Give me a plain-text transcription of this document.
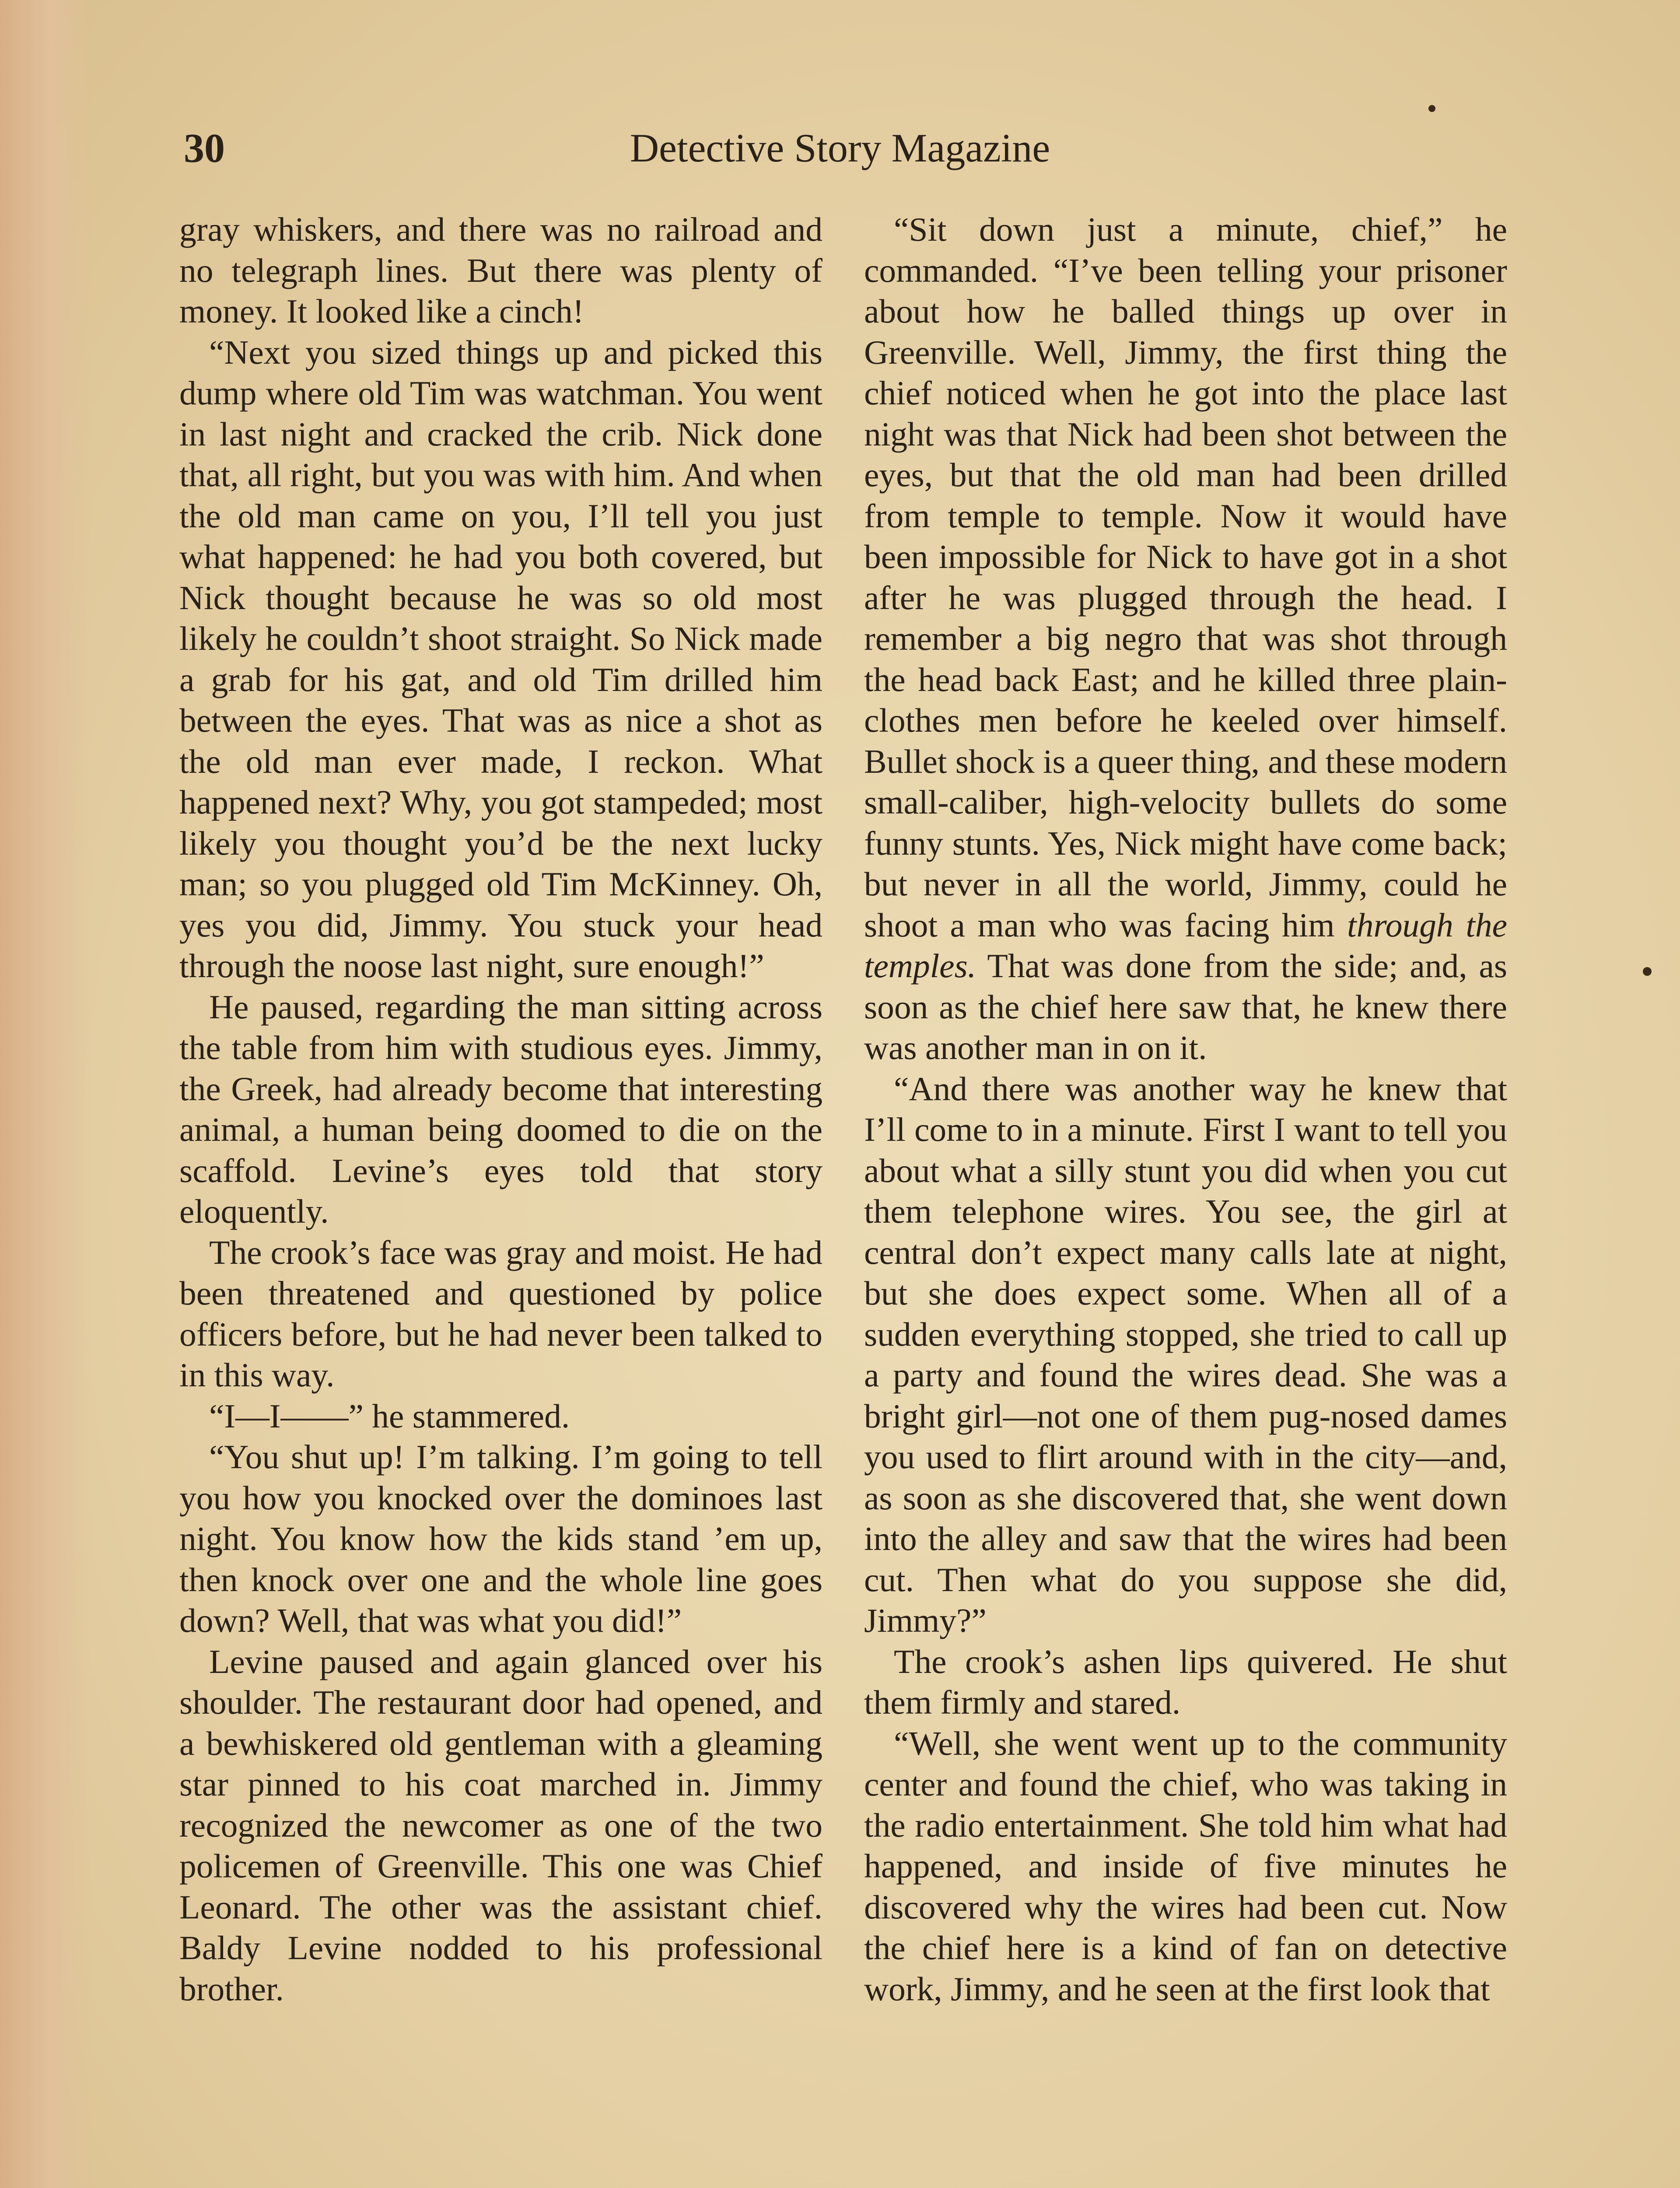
Detective Story Magazine
30

gray whiskers, and there was no railroad and no telegraph lines. But there was plenty of money. It looked like a cinch!

“Next you sized things up and picked this dump where old Tim was watchman. You went in last night and cracked the crib. Nick done that, all right, but you was with him. And when the old man came on you, I’ll tell you just what happened: he had you both covered, but Nick thought because he was so old most likely he couldn’t shoot straight. So Nick made a grab for his gat, and old Tim drilled him between the eyes. That was as nice a shot as the old man ever made, I reckon. What happened next? Why, you got stampeded; most likely you thought you’d be the next lucky man; so you plugged old Tim McKinney. Oh, yes you did, Jimmy. You stuck your head through the noose last night, sure enough!”

He paused, regarding the man sitting across the table from him with studious eyes. Jimmy, the Greek, had already become that interesting animal, a human being doomed to die on the scaffold. Levine’s eyes told that story eloquently.

The crook’s face was gray and moist. He had been threatened and questioned by police officers before, but he had never been talked to in this way.

“I—I——” he stammered.

“You shut up! I’m talking. I’m going to tell you how you knocked over the dominoes last night. You know how the kids stand ’em up, then knock over one and the whole line goes down? Well, that was what you did!”

Levine paused and again glanced over his shoulder. The restaurant door had opened, and a bewhiskered old gentleman with a gleaming star pinned to his coat marched in. Jimmy recognized the newcomer as one of the two policemen of Greenville. This one was Chief Leonard. The other was the assistant chief. Baldy Levine nodded to his professional brother.

“Sit down just a minute, chief,” he commanded. “I’ve been telling your prisoner about how he balled things up over in Greenville. Well, Jimmy, the first thing the chief noticed when he got into the place last night was that Nick had been shot between the eyes, but that the old man had been drilled from temple to temple. Now it would have been impossible for Nick to have got in a shot after he was plugged through the head. I remember a big negro that was shot through the head back East; and he killed three plain-clothes men before he keeled over himself. Bullet shock is a queer thing, and these modern small-caliber, high-velocity bullets do some funny stunts. Yes, Nick might have come back; but never in all the world, Jimmy, could he shoot a man who was facing him through the temples. That was done from the side; and, as soon as the chief here saw that, he knew there was another man in on it.

“And there was another way he knew that I’ll come to in a minute. First I want to tell you about what a silly stunt you did when you cut them telephone wires. You see, the girl at central don’t expect many calls late at night, but she does expect some. When all of a sudden everything stopped, she tried to call up a party and found the wires dead. She was a bright girl—not one of them pug-nosed dames you used to flirt around with in the city—and, as soon as she discovered that, she went down into the alley and saw that the wires had been cut. Then what do you suppose she did, Jimmy?”

The crook’s ashen lips quivered. He shut them firmly and stared.

“Well, she went went up to the community center and found the chief, who was taking in the radio entertainment. She told him what had happened, and inside of five minutes he discovered why the wires had been cut. Now the chief here is a kind of fan on detective work, Jimmy, and he seen at the first look that
